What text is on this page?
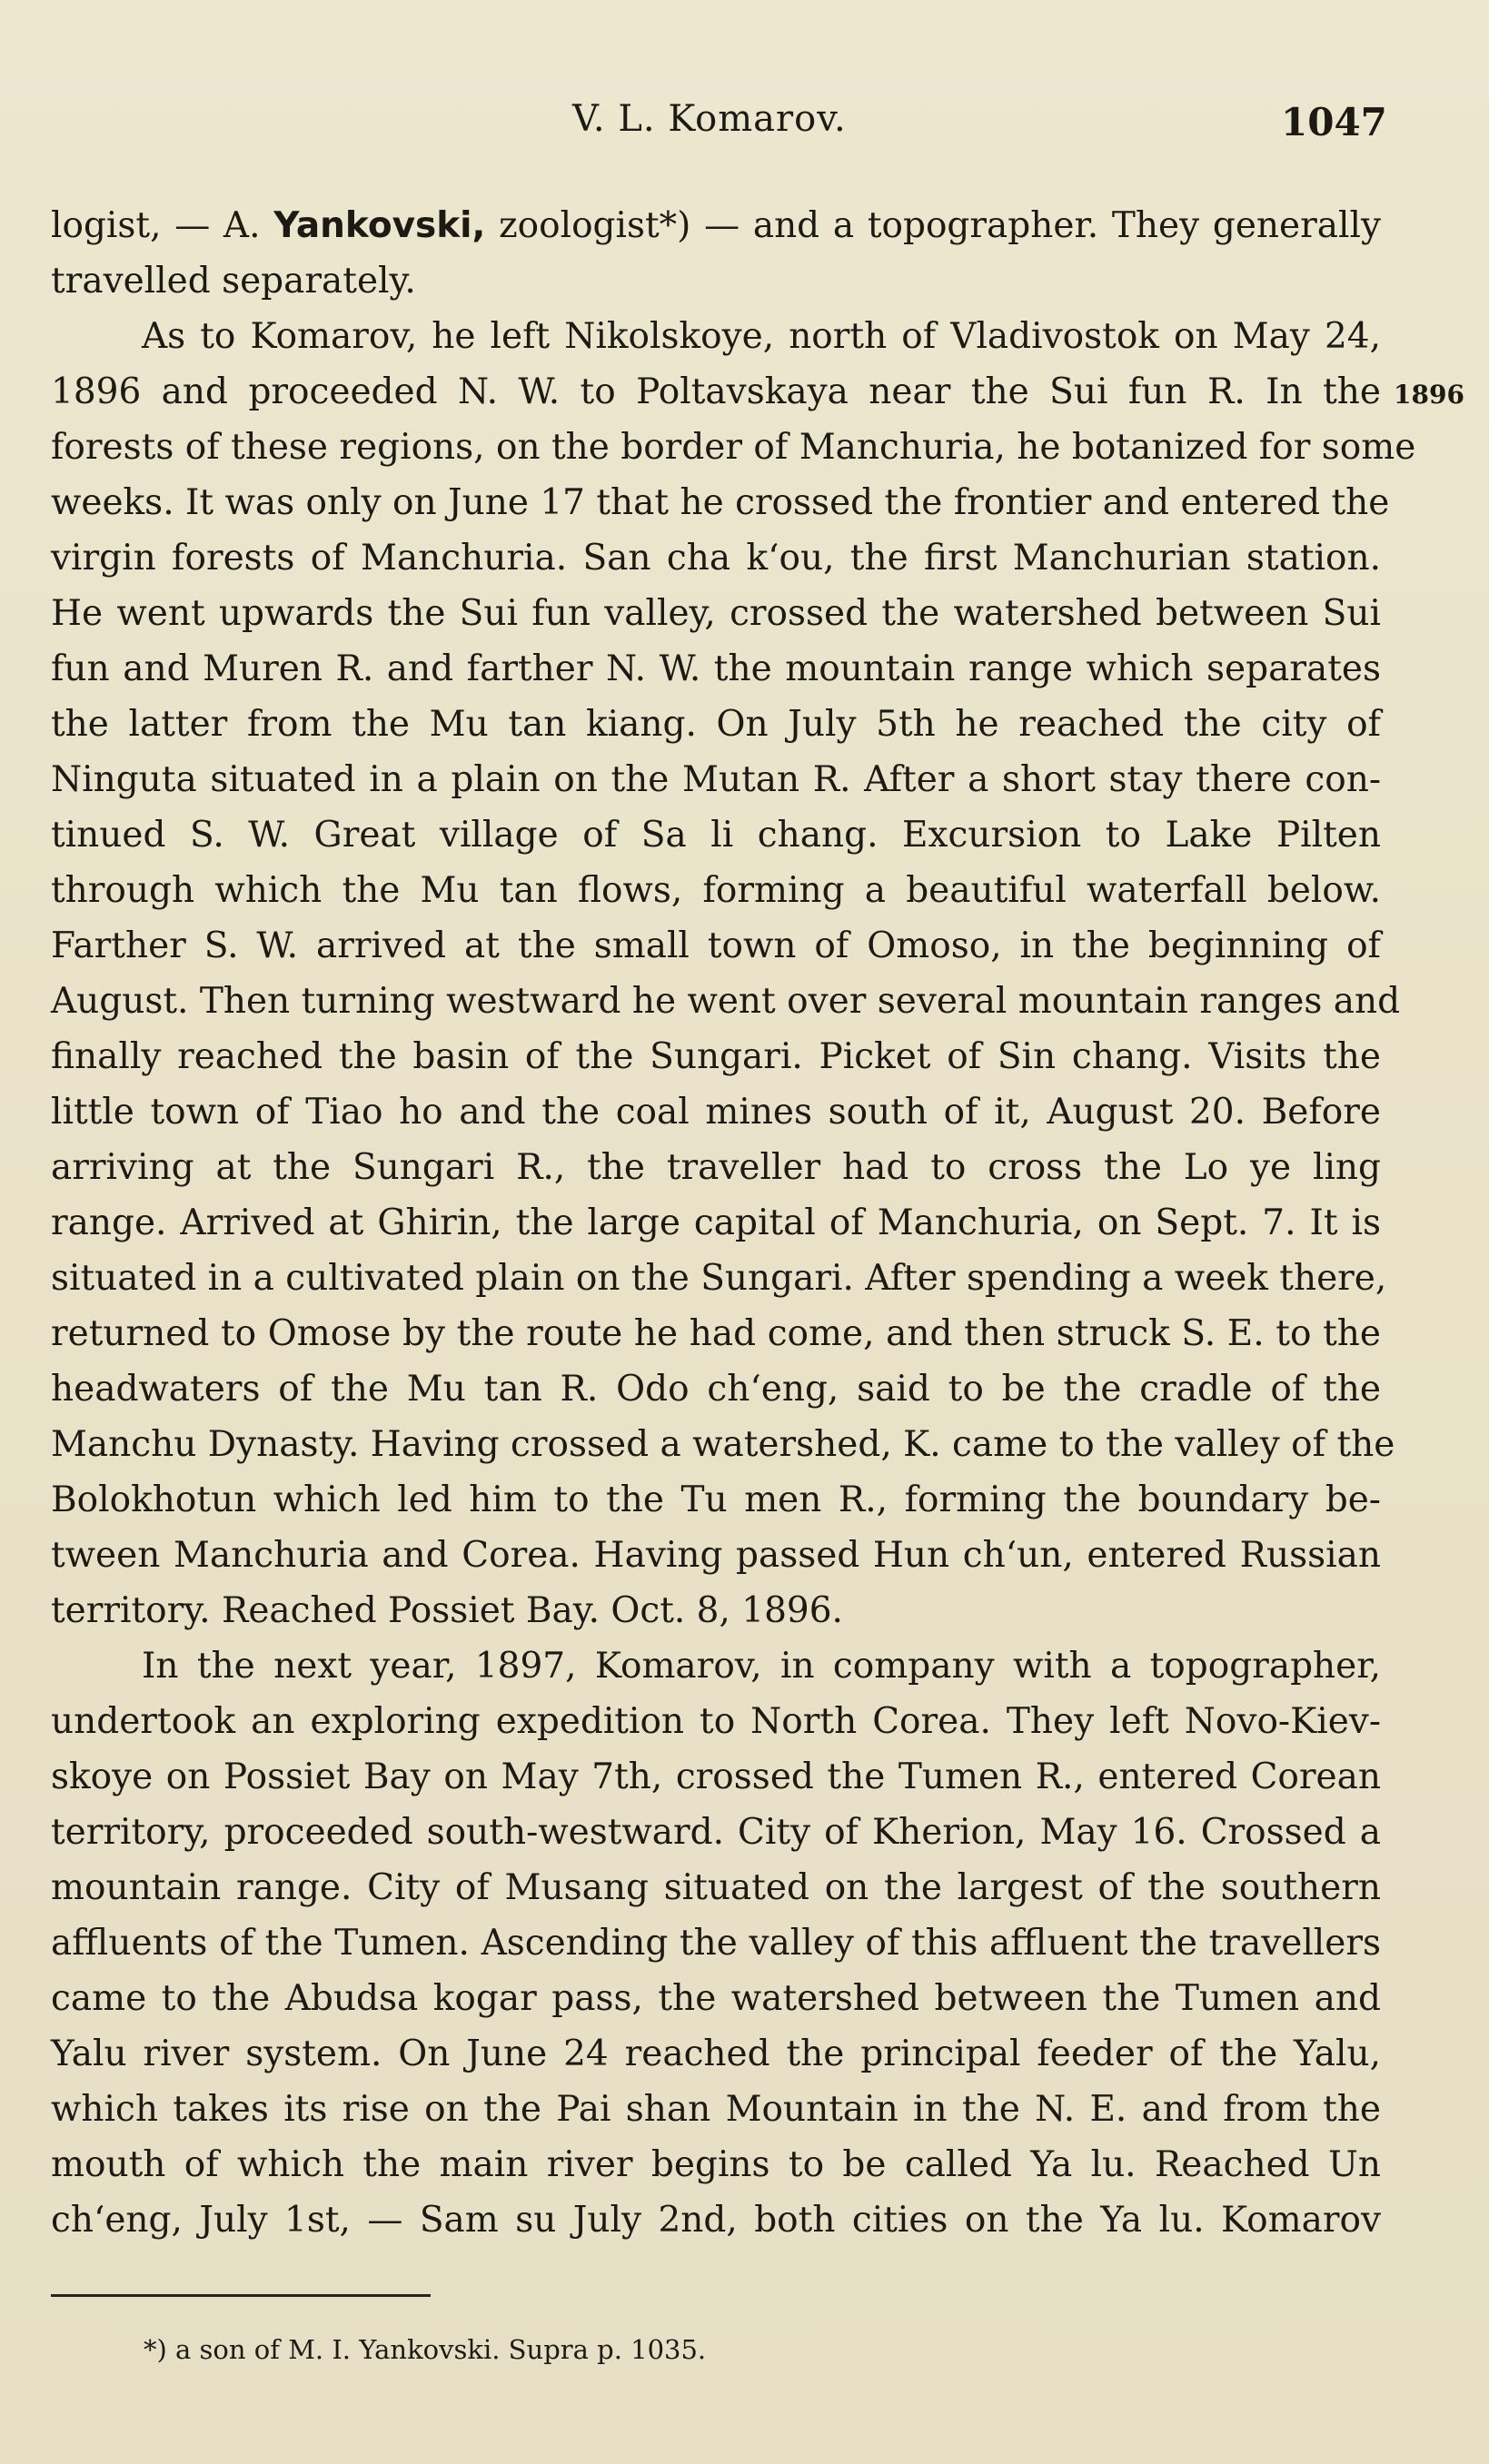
V. L. Komarov.	1047
1896
logist, — A. Yankovski, zoologist*) — and a topographer. They generally
travelled separately.
As to Komarov, he left Nikolskoye, north of Vladivostok on May 24,
1896 and proceeded N. W. to Poltavskaya near the Sui fun R. In the
forests of these regions, on the border of Manchuria, he botanized for some
weeks. It was only on June 17 that he crossed the frontier and entered the
virgin forests of Manchuria. San cha k‘ou, the first Manchurian station.
He went upwards the Sui fun valley, crossed the watershed between Sui
fun and Muren R. and farther N. W. the mountain range which separates
the latter from the Mu tan kiang. On July 5th he reached the city of
Ninguta situated in a plain on the Mutan R. After a short stay there con-
tinued S. W. Great village of Sa li chang. Excursion to Lake Pilten
through which the Mu tan flows, forming a beautiful waterfall below.
Farther S. W. arrived at the small town of Omoso, in the beginning of
August. Then turning westward he went over several mountain ranges and
finally reached the basin of the Sungari. Picket of Sin chang. Visits the
little town of Tiao ho and the coal mines south of it, August 20. Before
arriving at the Sungari R., the traveller had to cross the Lo ye ling
range. Arrived at Ghirin, the large capital of Manchuria, on Sept. 7. It is
situated in a cultivated plain on the Sungari. After spending a week there,
returned to Omose by the route he had come, and then struck S. E. to the
headwaters of the Mu tan R. Odo ch‘eng, said to be the cradle of the
Manchu Dynasty. Having crossed a watershed, K. came to the valley of the
Bolokhotun which led him to the Tu men R., forming the boundary be-
tween Manchuria and Corea. Having passed Hun ch‘un, entered Russian
territory. Reached Possiet Bay. Oct. 8, 1896.
In the next year, 1897, Komarov, in company with a topographer,
undertook an exploring expedition to North Corea. They left Novo-Kiev-
skoye on Possiet Bay on May 7th, crossed the Tumen R., entered Corean
territory, proceeded south-westward. City of Kherion, May 16. Crossed a
mountain range. City of Musang situated on the largest of the southern
affluents of the Tumen. Ascending the valley of this affluent the travellers
came to the Abudsa kogar pass, the watershed between the Tumen and
Yalu river system. On June 24 reached the principal feeder of the Yalu,
which takes its rise on the Pai shan Mountain in the N. E. and from the
mouth of which the main river begins to be called Ya lu. Reached Un
ch‘eng, July 1st, — Sam su July 2nd, both cities on the Ya lu. Komarov
*) a son of M. I. Yankovski. Supra p. 1035.
